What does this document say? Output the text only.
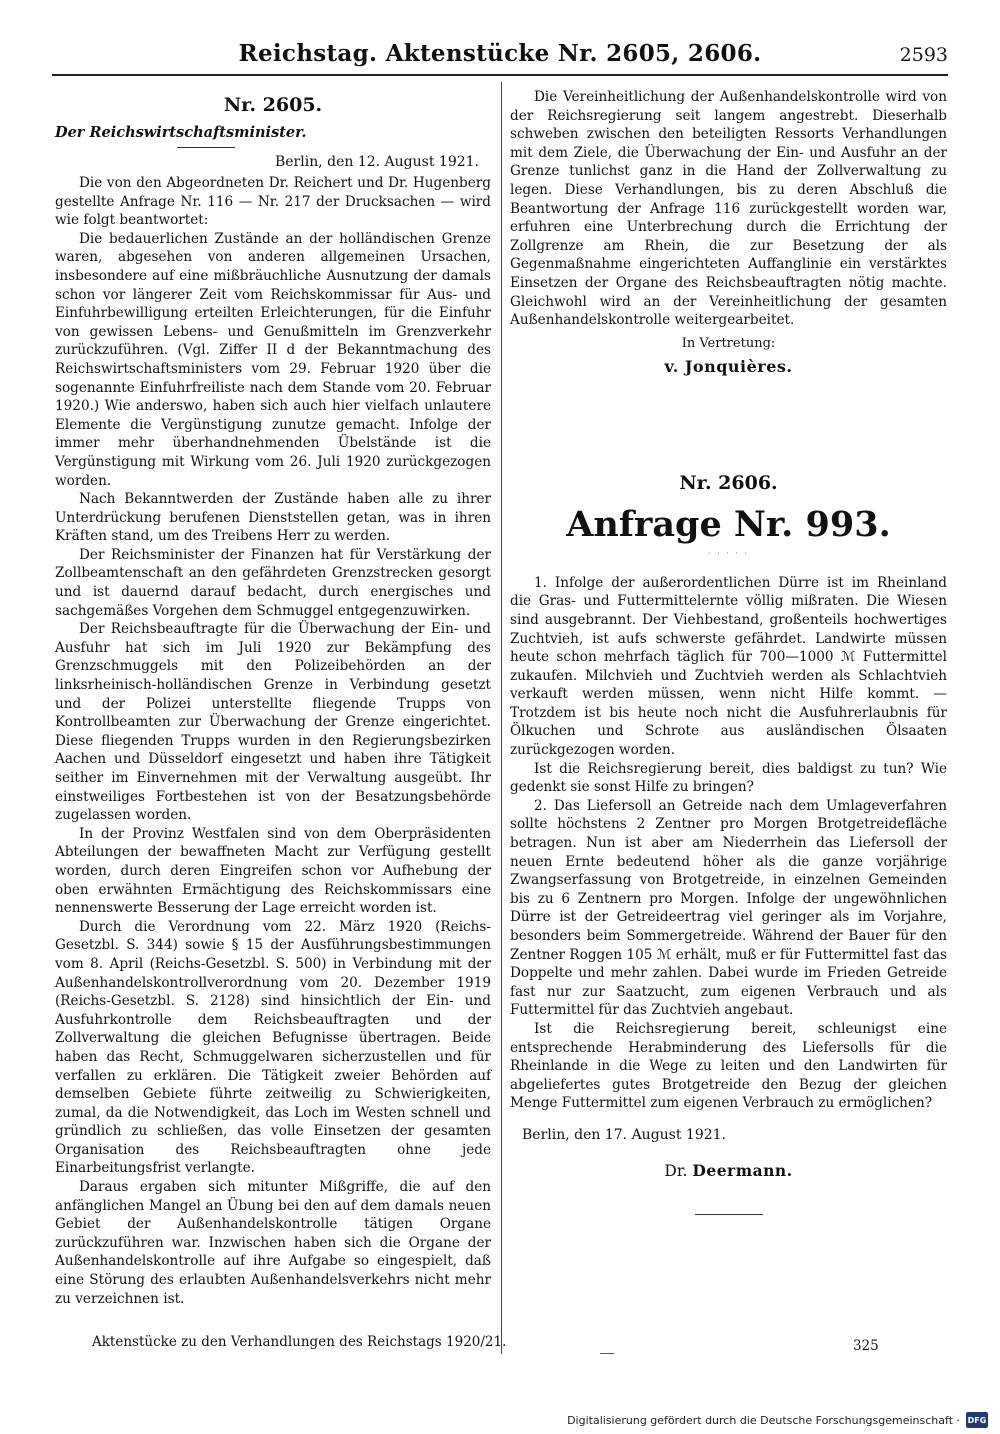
Reichstag. Aktenstücke Nr. 2605, 2606.	2593
Nr. 2605.
Der Reichswirtschaftsminister.
Berlin, den 12. August 1921.

Die von den Abgeordneten Dr. Reichert und Dr. Hugenberg gestellte Anfrage Nr. 116 — Nr. 217 der Drucksachen — wird wie folgt beantwortet:

Die bedauerlichen Zustände an der holländischen Grenze waren, abgesehen von anderen allgemeinen Ursachen, insbesondere auf eine mißbräuchliche Ausnutzung der damals schon vor längerer Zeit vom Reichskommissar für Aus- und Einfuhrbewilligung erteilten Erleichterungen, für die Einfuhr von gewissen Lebens- und Genußmitteln im Grenzverkehr zurückzuführen. (Vgl. Ziffer II d der Bekanntmachung des Reichswirtschaftsministers vom 29. Februar 1920 über die sogenannte Einfuhrfreiliste nach dem Stande vom 20. Februar 1920.) Wie anderswo, haben sich auch hier vielfach unlautere Elemente die Vergünstigung zunutze gemacht. Infolge der immer mehr überhandnehmenden Übelstände ist die Vergünstigung mit Wirkung vom 26. Juli 1920 zurückgezogen worden.

Nach Bekanntwerden der Zustände haben alle zu ihrer Unterdrückung berufenen Dienststellen getan, was in ihren Kräften stand, um des Treibens Herr zu werden.

Der Reichsminister der Finanzen hat für Verstärkung der Zollbeamtenschaft an den gefährdeten Grenzstrecken gesorgt und ist dauernd darauf bedacht, durch energisches und sachgemäßes Vorgehen dem Schmuggel entgegenzuwirken.

Der Reichsbeauftragte für die Überwachung der Ein- und Ausfuhr hat sich im Juli 1920 zur Bekämpfung des Grenzschmuggels mit den Polizeibehörden an der linksrheinisch-holländischen Grenze in Verbindung gesetzt und der Polizei unterstellte fliegende Trupps von Kontrollbeamten zur Überwachung der Grenze eingerichtet. Diese fliegenden Trupps wurden in den Regierungsbezirken Aachen und Düsseldorf eingesetzt und haben ihre Tätigkeit seither im Einvernehmen mit der Verwaltung ausgeübt. Ihr einstweiliges Fortbestehen ist von der Besatzungsbehörde zugelassen worden.

In der Provinz Westfalen sind von dem Oberpräsidenten Abteilungen der bewaffneten Macht zur Verfügung gestellt worden, durch deren Eingreifen schon vor Aufhebung der oben erwähnten Ermächtigung des Reichskommissars eine nennenswerte Besserung der Lage erreicht worden ist.

Durch die Verordnung vom 22. März 1920 (Reichs-Gesetzbl. S. 344) sowie § 15 der Ausführungsbestimmungen vom 8. April (Reichs-Gesetzbl. S. 500) in Verbindung mit der Außenhandelskontrollverordnung vom 20. Dezember 1919 (Reichs-Gesetzbl. S. 2128) sind hinsichtlich der Ein- und Ausfuhrkontrolle dem Reichsbeauftragten und der Zollverwaltung die gleichen Befugnisse übertragen. Beide haben das Recht, Schmuggelwaren sicherzustellen und für verfallen zu erklären. Die Tätigkeit zweier Behörden auf demselben Gebiete führte zeitweilig zu Schwierigkeiten, zumal, da die Notwendigkeit, das Loch im Westen schnell und gründlich zu schließen, das volle Einsetzen der gesamten Organisation des Reichsbeauftragten ohne jede Einarbeitungsfrist verlangte.

Daraus ergaben sich mitunter Mißgriffe, die auf den anfänglichen Mangel an Übung bei den auf dem damals neuen Gebiet der Außenhandelskontrolle tätigen Organe zurückzuführen war. Inzwischen haben sich die Organe der Außenhandelskontrolle auf ihre Aufgabe so eingespielt, daß eine Störung des erlaubten Außenhandelsverkehrs nicht mehr zu verzeichnen ist.

Aktenstücke zu den Verhandlungen des Reichstags 1920/21.

Die Vereinheitlichung der Außenhandelskontrolle wird von der Reichsregierung seit langem angestrebt. Dieserhalb schweben zwischen den beteiligten Ressorts Verhandlungen mit dem Ziele, die Überwachung der Ein- und Ausfuhr an der Grenze tunlichst ganz in die Hand der Zollverwaltung zu legen. Diese Verhandlungen, bis zu deren Abschluß die Beantwortung der Anfrage 116 zurückgestellt worden war, erfuhren eine Unterbrechung durch die Errichtung der Zollgrenze am Rhein, die zur Besetzung der als Gegenmaßnahme eingerichteten Auffanglinie ein verstärktes Einsetzen der Organe des Reichsbeauftragten nötig machte. Gleichwohl wird an der Vereinheitlichung der gesamten Außenhandelskontrolle weitergearbeitet.

In Vertretung:
v. Jonquières.
Nr. 2606.
Anfrage Nr. 993.
· · · · ·

1. Infolge der außerordentlichen Dürre ist im Rheinland die Gras- und Futtermittelernte völlig mißraten. Die Wiesen sind ausgebrannt. Der Viehbestand, großenteils hochwertiges Zuchtvieh, ist aufs schwerste gefährdet. Landwirte müssen heute schon mehrfach täglich für 700—1000 ℳ Futtermittel zukaufen. Milchvieh und Zuchtvieh werden als Schlachtvieh verkauft werden müssen, wenn nicht Hilfe kommt. — Trotzdem ist bis heute noch nicht die Ausfuhrerlaubnis für Ölkuchen und Schrote aus ausländischen Ölsaaten zurückgezogen worden.

Ist die Reichsregierung bereit, dies baldigst zu tun? Wie gedenkt sie sonst Hilfe zu bringen?

2. Das Liefersoll an Getreide nach dem Umlageverfahren sollte höchstens 2 Zentner pro Morgen Brotgetreidefläche betragen. Nun ist aber am Niederrhein das Liefersoll der neuen Ernte bedeutend höher als die ganze vorjährige Zwangserfassung von Brotgetreide, in einzelnen Gemeinden bis zu 6 Zentnern pro Morgen. Infolge der ungewöhnlichen Dürre ist der Getreideertrag viel geringer als im Vorjahre, besonders beim Sommergetreide. Während der Bauer für den Zentner Roggen 105 ℳ erhält, muß er für Futtermittel fast das Doppelte und mehr zahlen. Dabei wurde im Frieden Getreide fast nur zur Saatzucht, zum eigenen Verbrauch und als Futtermittel für das Zuchtvieh angebaut.

Ist die Reichsregierung bereit, schleunigst eine entsprechende Herabminderung des Liefersolls für die Rheinlande in die Wege zu leiten und den Landwirten für abgeliefertes gutes Brotgetreide den Bezug der gleichen Menge Futtermittel zum eigenen Verbrauch zu ermöglichen?

Berlin, den 17. August 1921.
Dr. Deermann.
325
Digitalisierung gefördert durch die Deutsche Forschungsgemeinschaft · DFG
